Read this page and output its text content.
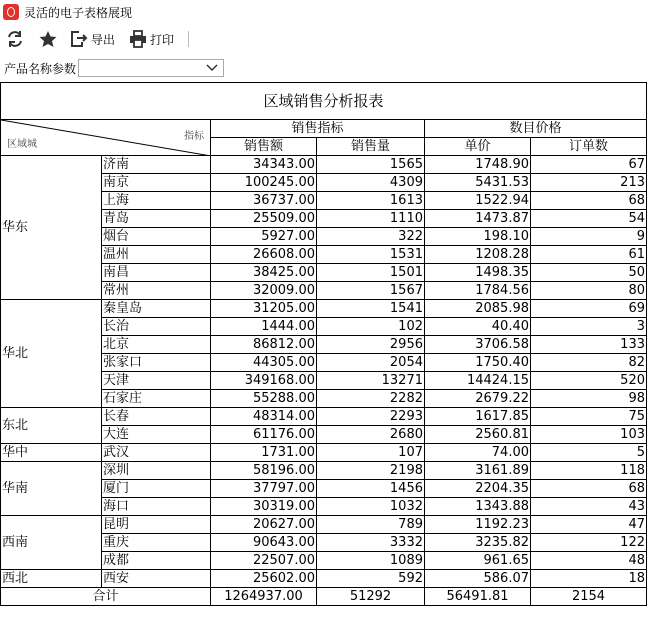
灵活的电子表格展现
导出	打印
产品名称参数
区域销售分析报表					

区域城
指标		销售指标		数目价格	
		销售额	销售量	单价	订单数
华东	济南	34343.00	1565	1748.90	67
	南京	100245.00	4309	5431.53	213
	上海	36737.00	1613	1522.94	68
	青岛	25509.00	1110	1473.87	54
	烟台	5927.00	322	198.10	9
	温州	26608.00	1531	1208.28	61
	南昌	38425.00	1501	1498.35	50
	常州	32009.00	1567	1784.56	80
华北	秦皇岛	31205.00	1541	2085.98	69
	长治	1444.00	102	40.40	3
	北京	86812.00	2956	3706.58	133
	张家口	44305.00	2054	1750.40	82
	天津	349168.00	13271	14424.15	520
	石家庄	55288.00	2282	2679.22	98
东北	长春	48314.00	2293	1617.85	75
	大连	61176.00	2680	2560.81	103
华中	武汉	1731.00	107	74.00	5
华南	深圳	58196.00	2198	3161.89	118
	厦门	37797.00	1456	2204.35	68
	海口	30319.00	1032	1343.88	43
西南	昆明	20627.00	789	1192.23	47
	重庆	90643.00	3332	3235.82	122
	成都	22507.00	1089	961.65	48
西北	西安	25602.00	592	586.07	18
合计		1264937.00	51292	56491.81	2154
